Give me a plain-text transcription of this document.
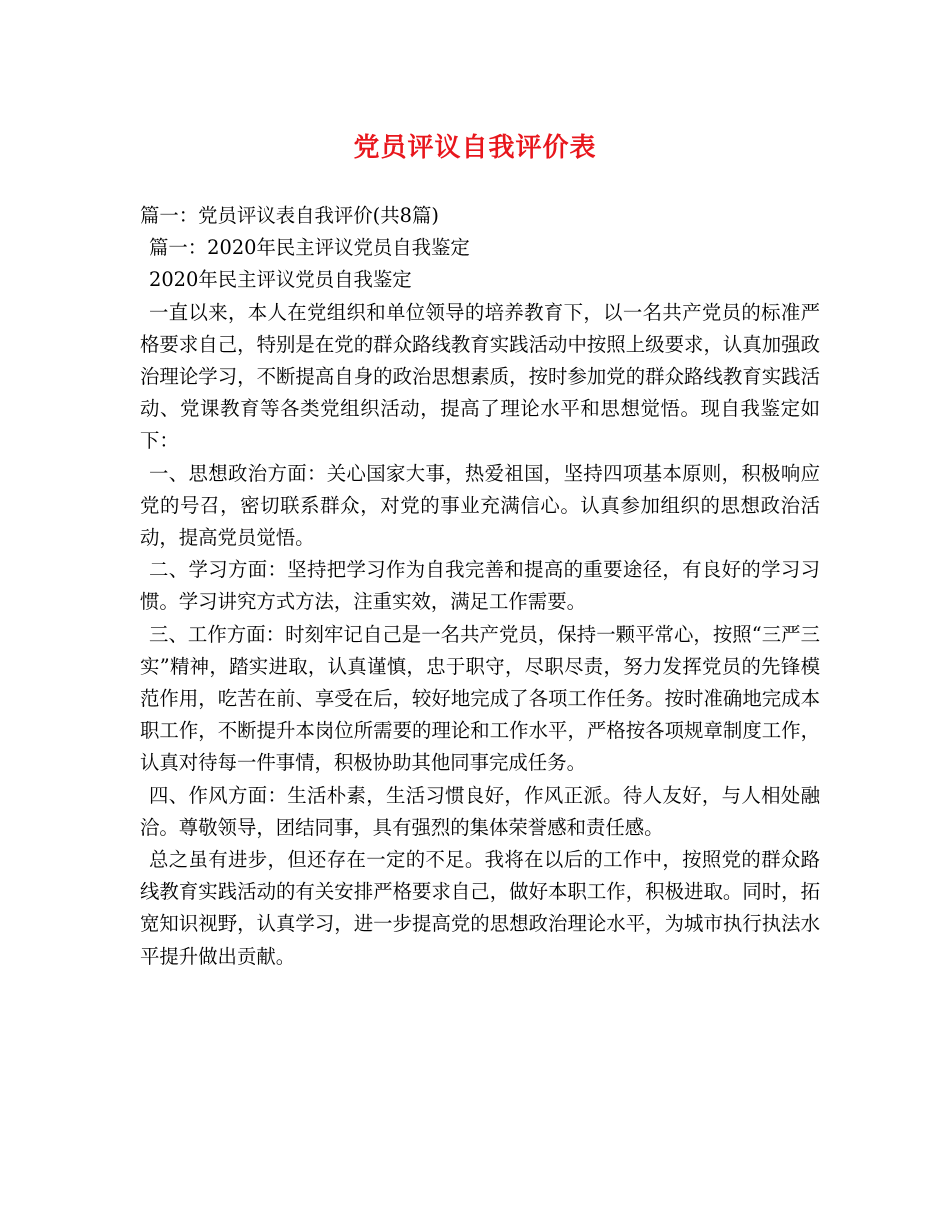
党员评议自我评价表

篇一：党员评议表自我评价(共8篇)

篇一：2020年民主评议党员自我鉴定

2020年民主评议党员自我鉴定

一直以来，本人在党组织和单位领导的培养教育下，以一名共产党员的标准严格要求自己，特别是在党的群众路线教育实践活动中按照上级要求，认真加强政治理论学习，不断提高自身的政治思想素质，按时参加党的群众路线教育实践活动、党课教育等各类党组织活动，提高了理论水平和思想觉悟。现自我鉴定如下：

一、思想政治方面：关心国家大事，热爱祖国，坚持四项基本原则，积极响应党的号召，密切联系群众，对党的事业充满信心。认真参加组织的思想政治活动，提高党员觉悟。

二、学习方面：坚持把学习作为自我完善和提高的重要途径，有良好的学习习惯。学习讲究方式方法，注重实效，满足工作需要。

三、工作方面：时刻牢记自己是一名共产党员，保持一颗平常心，按照“三严三实”精神，踏实进取，认真谨慎，忠于职守，尽职尽责，努力发挥党员的先锋模范作用，吃苦在前、享受在后，较好地完成了各项工作任务。按时准确地完成本职工作，不断提升本岗位所需要的理论和工作水平，严格按各项规章制度工作，认真对待每一件事情，积极协助其他同事完成任务。

四、作风方面：生活朴素，生活习惯良好，作风正派。待人友好，与人相处融洽。尊敬领导，团结同事，具有强烈的集体荣誉感和责任感。

总之虽有进步，但还存在一定的不足。我将在以后的工作中，按照党的群众路线教育实践活动的有关安排严格要求自己，做好本职工作，积极进取。同时，拓宽知识视野，认真学习，进一步提高党的思想政治理论水平，为城市执行执法水平提升做出贡献。
